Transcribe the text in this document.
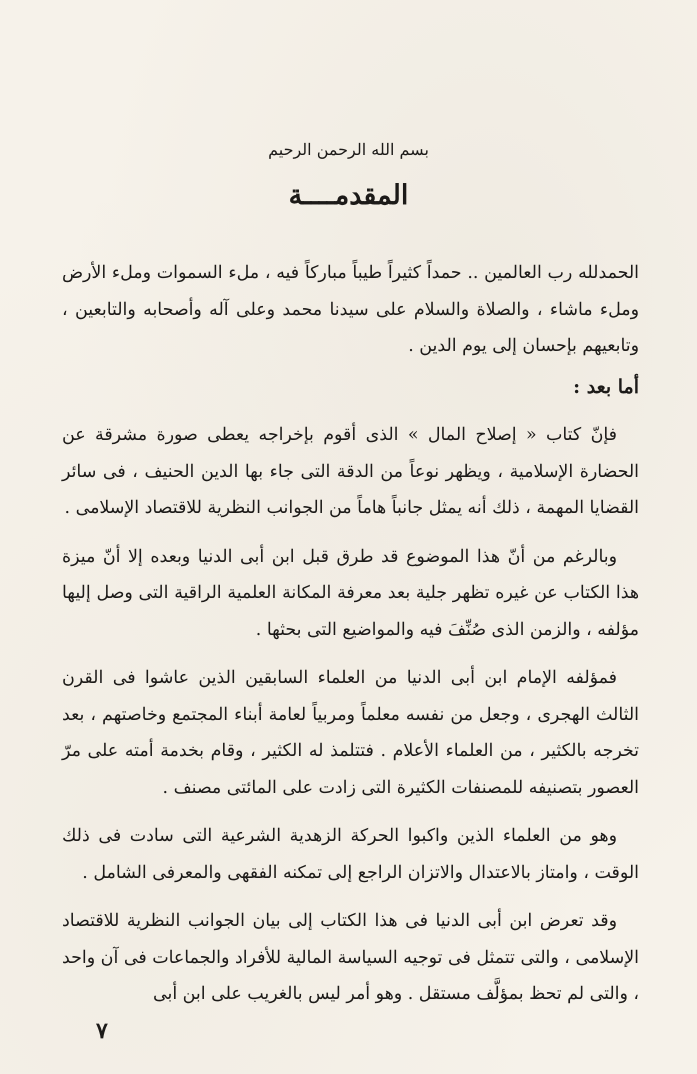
بسم الله الرحمن الرحيم
المقدمــــة

الحمدلله رب العالمين .. حمداً كثيراً طيباً مباركاً فيه ، ملء السموات وملء الأرض وملء ماشاء ، والصلاة والسلام على سيدنا محمد وعلى آله وأصحابه والتابعين ، وتابعيهم بإحسان إلى يوم الدين .

أما بعد :

فإنّ كتاب « إصلاح المال » الذى أقوم بإخراجه يعطى صورة مشرقة عن الحضارة الإسلامية ، ويظهر نوعاً من الدقة التى جاء بها الدين الحنيف ، فى سائر القضايا المهمة ، ذلك أنه يمثل جانباً هاماً من الجوانب النظرية للاقتصاد الإسلامى .

وبالرغم من أنّ هذا الموضوع قد طرق قبل ابن أبى الدنيا وبعده إلا أنّ ميزة هذا الكتاب عن غيره تظهر جلية بعد معرفة المكانة العلمية الراقية التى وصل إليها مؤلفه ، والزمن الذى صُنِّفَ فيه والمواضيع التى بحثها .

فمؤلفه الإمام ابن أبى الدنيا من العلماء السابقين الذين عاشوا فى القرن الثالث الهجرى ، وجعل من نفسه معلماً ومربياً لعامة أبناء المجتمع وخاصتهم ، بعد تخرجه بالكثير ، من العلماء الأعلام . فتتلمذ له الكثير ، وقام بخدمة أمته على مرّ العصور بتصنيفه للمصنفات الكثيرة التى زادت على المائتى مصنف .

وهو من العلماء الذين واكبوا الحركة الزهدية الشرعية التى سادت فى ذلك الوقت ، وامتاز بالاعتدال والاتزان الراجع إلى تمكنه الفقهى والمعرفى الشامل .

وقد تعرض ابن أبى الدنيا فى هذا الكتاب إلى بيان الجوانب النظرية للاقتصاد الإسلامى ، والتى تتمثل فى توجيه السياسة المالية للأفراد والجماعات فى آن واحد ، والتى لم تحظ بمؤلَّف مستقل . وهو أمر ليس بالغريب على ابن أبى

٧
